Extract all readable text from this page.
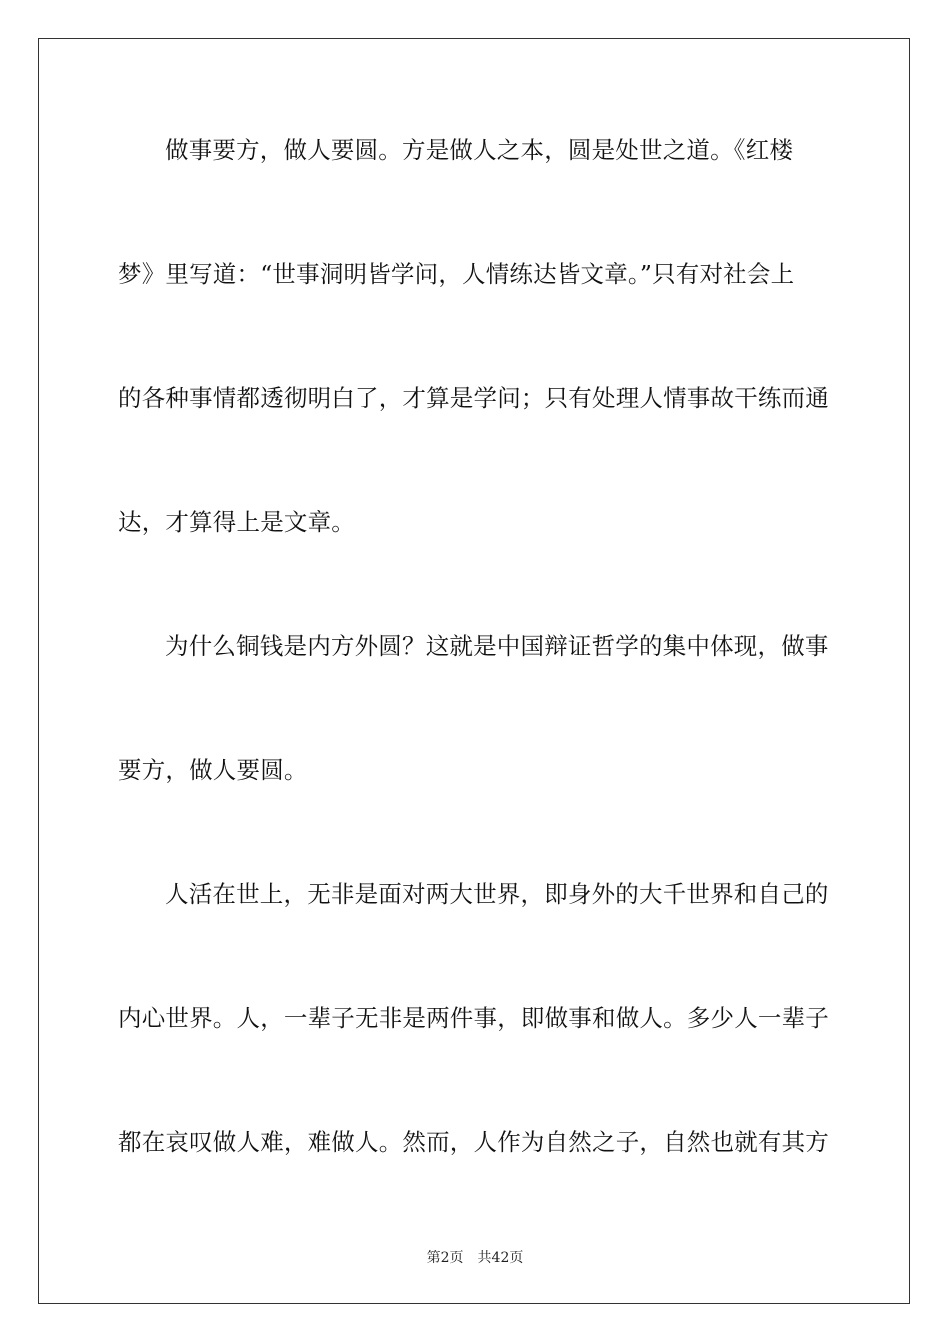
做事要方，做人要圆。方是做人之本，圆是处世之道。《红楼
梦》里写道：“世事洞明皆学问，人情练达皆文章。”只有对社会上
的各种事情都透彻明白了，才算是学问；只有处理人情事故干练而通
达，才算得上是文章。
为什么铜钱是内方外圆？这就是中国辩证哲学的集中体现，做事
要方，做人要圆。
人活在世上，无非是面对两大世界，即身外的大千世界和自己的
内心世界。人，一辈子无非是两件事，即做事和做人。多少人一辈子
都在哀叹做人难，难做人。然而，人作为自然之子，自然也就有其方
第2页 共42页
